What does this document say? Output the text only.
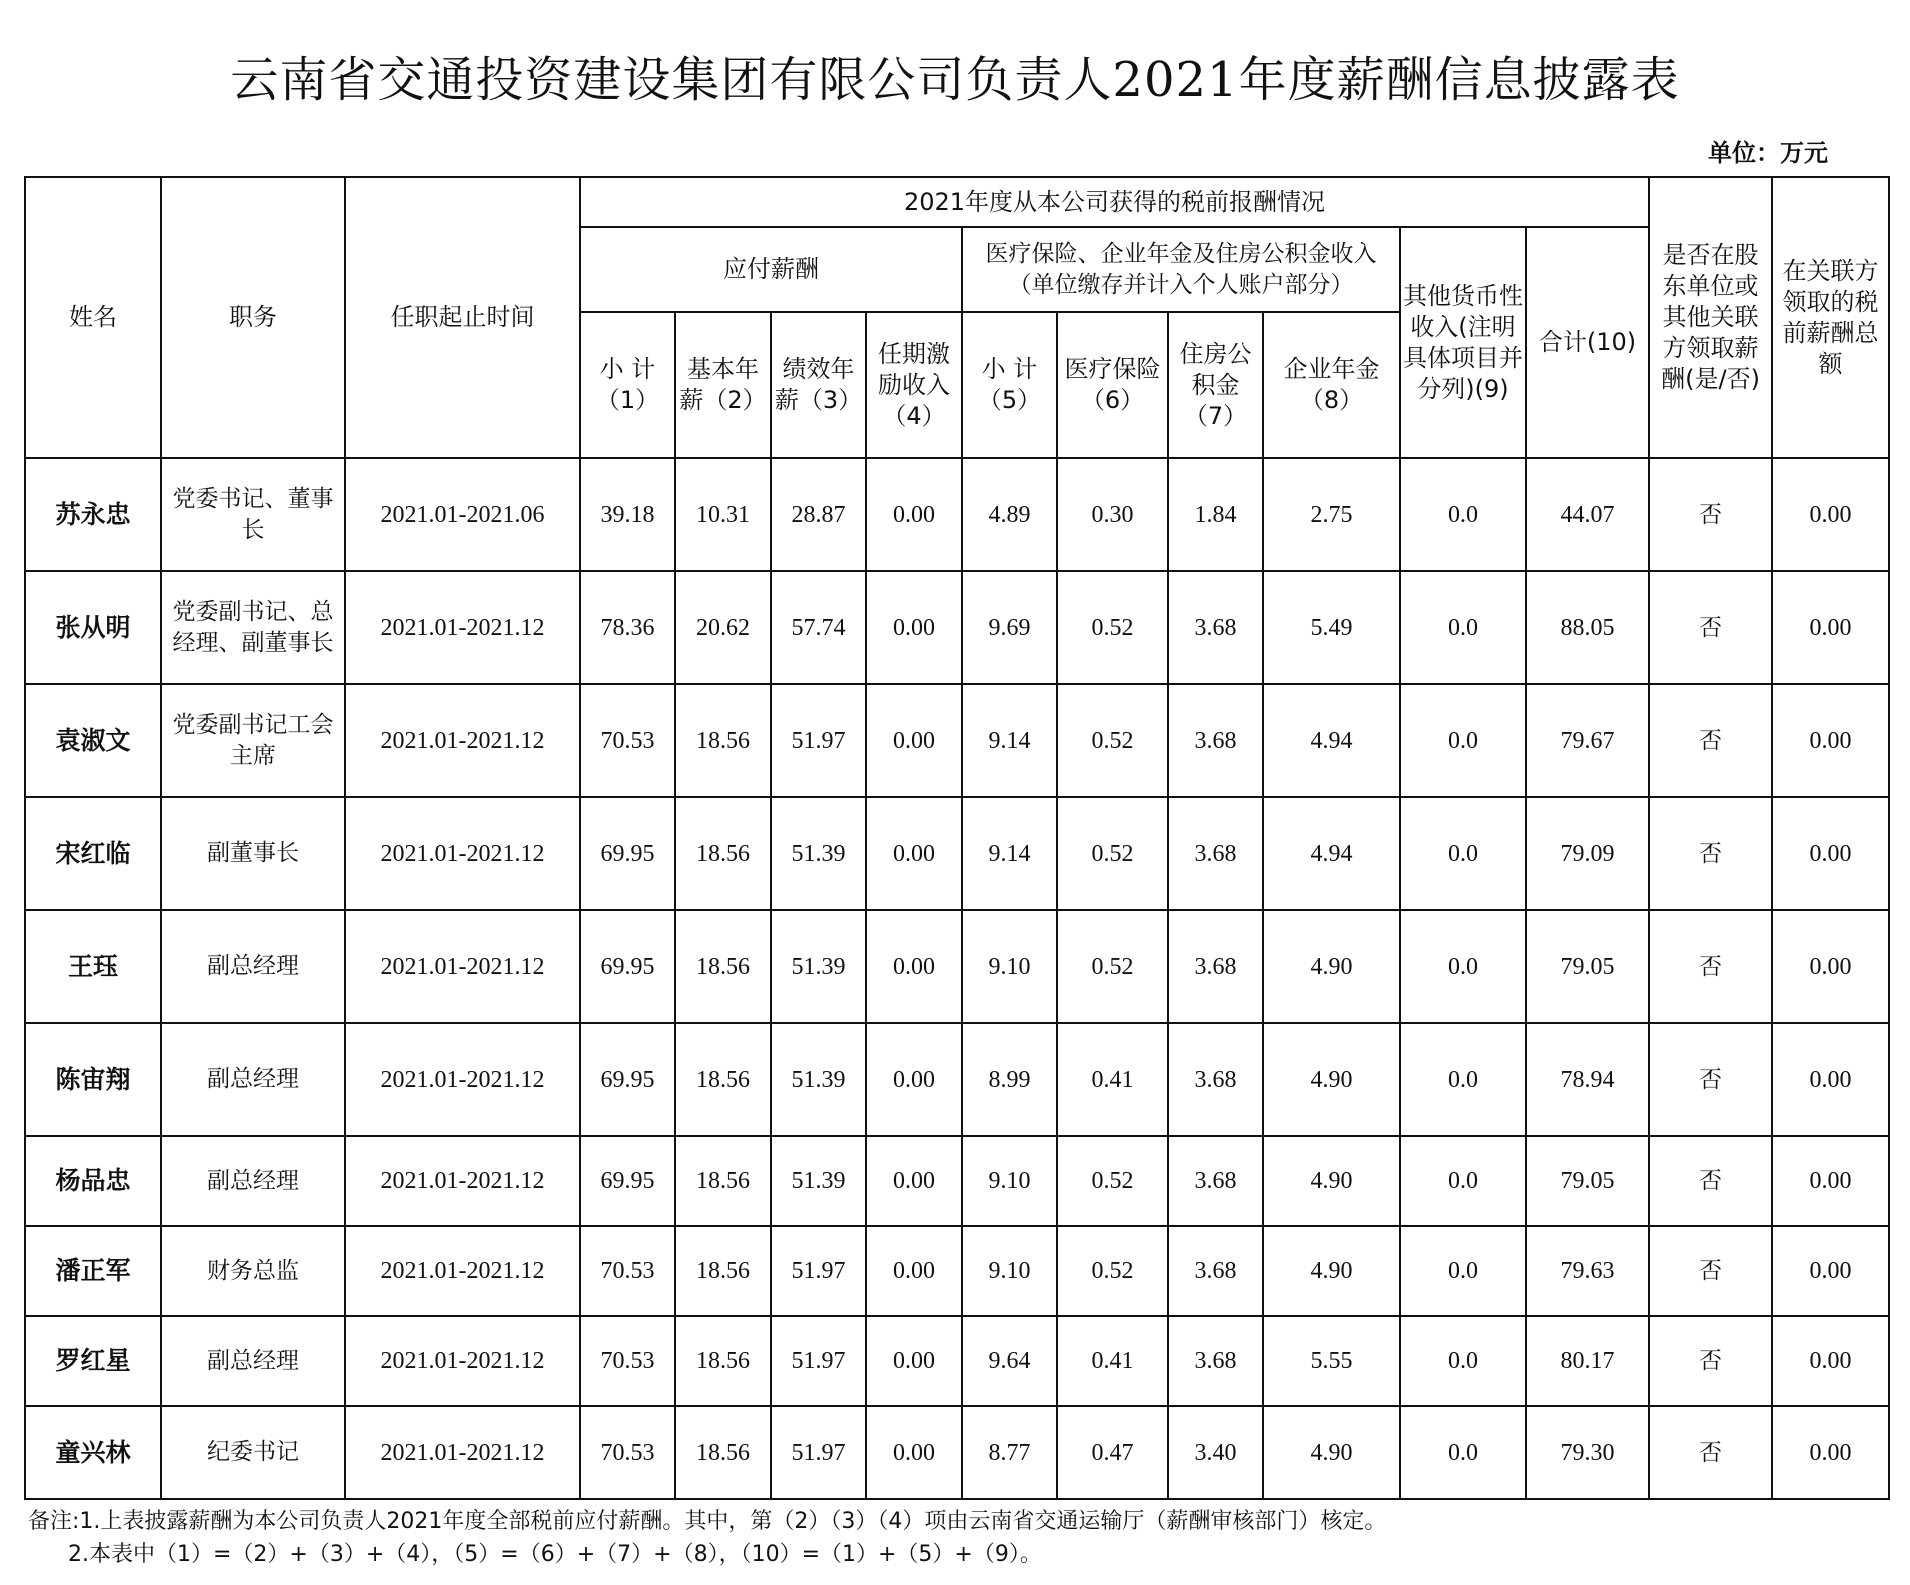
云南省交通投资建设集团有限公司负责人2021年度薪酬信息披露表
单位：万元
姓名	职务	任职起止时间	2021年度从本公司获得的税前报酬情况										是否在股东单位或其他关联方领取薪酬(是/否)	在关联方领取的税前薪酬总额
			应付薪酬				医疗保险、企业年金及住房公积金收入（单位缴存并计入个人账户部分）				其他货币性收入(注明具体项目并分列)(9)	合计(10)		
			小 计（1）	基本年薪（2）	绩效年薪（3）	任期激励收入（4）	小 计（5）	医疗保险（6）	住房公积金（7）	企业年金（8）				
苏永忠	党委书记、董事长	2021.01-2021.06	39.18	10.31	28.87	0.00	4.89	0.30	1.84	2.75	0.0	44.07	否	0.00
张从明	党委副书记、总经理、副董事长	2021.01-2021.12	78.36	20.62	57.74	0.00	9.69	0.52	3.68	5.49	0.0	88.05	否	0.00
袁淑文	党委副书记工会主席	2021.01-2021.12	70.53	18.56	51.97	0.00	9.14	0.52	3.68	4.94	0.0	79.67	否	0.00
宋红临	副董事长	2021.01-2021.12	69.95	18.56	51.39	0.00	9.14	0.52	3.68	4.94	0.0	79.09	否	0.00
王珏	副总经理	2021.01-2021.12	69.95	18.56	51.39	0.00	9.10	0.52	3.68	4.90	0.0	79.05	否	0.00
陈宙翔	副总经理	2021.01-2021.12	69.95	18.56	51.39	0.00	8.99	0.41	3.68	4.90	0.0	78.94	否	0.00
杨品忠	副总经理	2021.01-2021.12	69.95	18.56	51.39	0.00	9.10	0.52	3.68	4.90	0.0	79.05	否	0.00
潘正军	财务总监	2021.01-2021.12	70.53	18.56	51.97	0.00	9.10	0.52	3.68	4.90	0.0	79.63	否	0.00
罗红星	副总经理	2021.01-2021.12	70.53	18.56	51.97	0.00	9.64	0.41	3.68	5.55	0.0	80.17	否	0.00
童兴林	纪委书记	2021.01-2021.12	70.53	18.56	51.97	0.00	8.77	0.47	3.40	4.90	0.0	79.30	否	0.00
备注:1.上表披露薪酬为本公司负责人2021年度全部税前应付薪酬。其中，第（2）（3）（4）项由云南省交通运输厅（薪酬审核部门）核定。
2.本表中（1）=（2）+（3）+（4），（5）=（6）+（7）+（8），（10）=（1）+（5）+（9）。
